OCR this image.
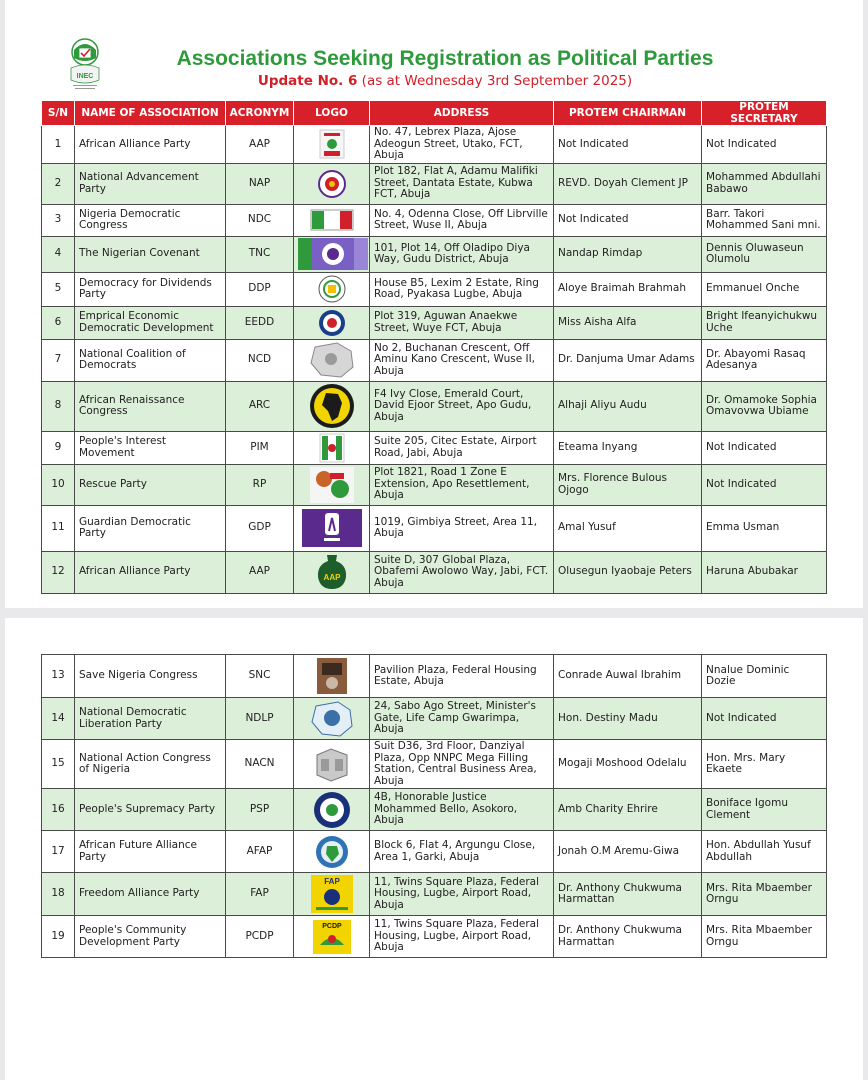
INEC
Associations Seeking Registration as Political Parties
Update No. 6 (as at Wednesday 3rd September 2025)
S/N	NAME OF ASSOCIATION	ACRONYM	LOGO	ADDRESS	PROTEM CHAIRMAN	PROTEM SECRETARY
1	African Alliance Party	AAP		No. 47, Lebrex Plaza, Ajose Adeogun Street, Utako, FCT, Abuja	Not Indicated	Not Indicated
2	National Advancement Party	NAP		Plot 182, Flat A, Adamu Malifiki Street, Dantata Estate, Kubwa FCT, Abuja	REVD. Doyah Clement JP	Mohammed Abdullahi Babawo
3	Nigeria Democratic Congress	NDC		No. 4, Odenna Close, Off Librville Street, Wuse II, Abuja	Not Indicated	Barr. Takori Mohammed Sani mni.
4	The Nigerian Covenant	TNC		101, Plot 14, Off Oladipo Diya Way, Gudu District, Abuja	Nandap Rimdap	Dennis Oluwaseun Olumolu
5	Democracy for Dividends Party	DDP		House B5, Lexim 2 Estate, Ring Road, Pyakasa Lugbe, Abuja	Aloye Braimah Brahmah	Emmanuel Onche
6	Emprical Economic Democratic Development	EEDD		Plot 319, Aguwan Anaekwe Street, Wuye FCT, Abuja	Miss Aisha Alfa	Bright Ifeanyichukwu Uche
7	National Coalition of Democrats	NCD		No 2, Buchanan Crescent, Off Aminu Kano Crescent, Wuse II, Abuja	Dr. Danjuma Umar Adams	Dr. Abayomi Rasaq Adesanya
8	African Renaissance Congress	ARC		F4 Ivy Close, Emerald Court, David Ejoor Street, Apo Gudu, Abuja	Alhaji Aliyu Audu	Dr. Omamoke Sophia Omavovwa Ubiame
9	People's Interest Movement	PIM		Suite 205, Citec Estate, Airport Road, Jabi, Abuja	Eteama Inyang	Not Indicated
10	Rescue Party	RP		Plot 1821, Road 1 Zone E Extension, Apo Resettlement, Abuja	Mrs. Florence Bulous Ojogo	Not Indicated
11	Guardian Democratic Party	GDP		1019, Gimbiya Street, Area 11, Abuja	Amal Yusuf	Emma Usman
12	African Alliance Party	AAP	AAP	Suite D, 307 Global Plaza, Obafemi Awolowo Way, Jabi, FCT. Abuja	Olusegun Iyaobaje Peters	Haruna Abubakar
13	Save Nigeria Congress	SNC		Pavilion Plaza, Federal Housing Estate, Abuja	Conrade Auwal Ibrahim	Nnalue Dominic Dozie
14	National Democratic Liberation Party	NDLP		24, Sabo Ago Street, Minister's Gate, Life Camp Gwarimpa, Abuja	Hon. Destiny Madu	Not Indicated
15	National Action Congress of Nigeria	NACN		Suit D36, 3rd Floor, Danziyal Plaza, Opp NNPC Mega Filling Station, Central Business Area, Abuja	Mogaji Moshood Odelalu	Hon. Mrs. Mary Ekaete
16	People's Supremacy Party	PSP		4B, Honorable Justice Mohammed Bello, Asokoro, Abuja	Amb Charity Ehrire	Boniface Igomu Clement
17	African Future Alliance Party	AFAP		Block 6, Flat 4, Argungu Close, Area 1, Garki, Abuja	Jonah O.M Aremu-Giwa	Hon. Abdullah Yusuf Abdullah
18	Freedom Alliance Party	FAP	FAP	11, Twins Square Plaza, Federal Housing, Lugbe, Airport Road, Abuja	Dr. Anthony Chukwuma Harmattan	Mrs. Rita Mbaember Orngu
19	People's Community Development Party	PCDP	PCDP	11, Twins Square Plaza, Federal Housing, Lugbe, Airport Road, Abuja	Dr. Anthony Chukwuma Harmattan	Mrs. Rita Mbaember Orngu
